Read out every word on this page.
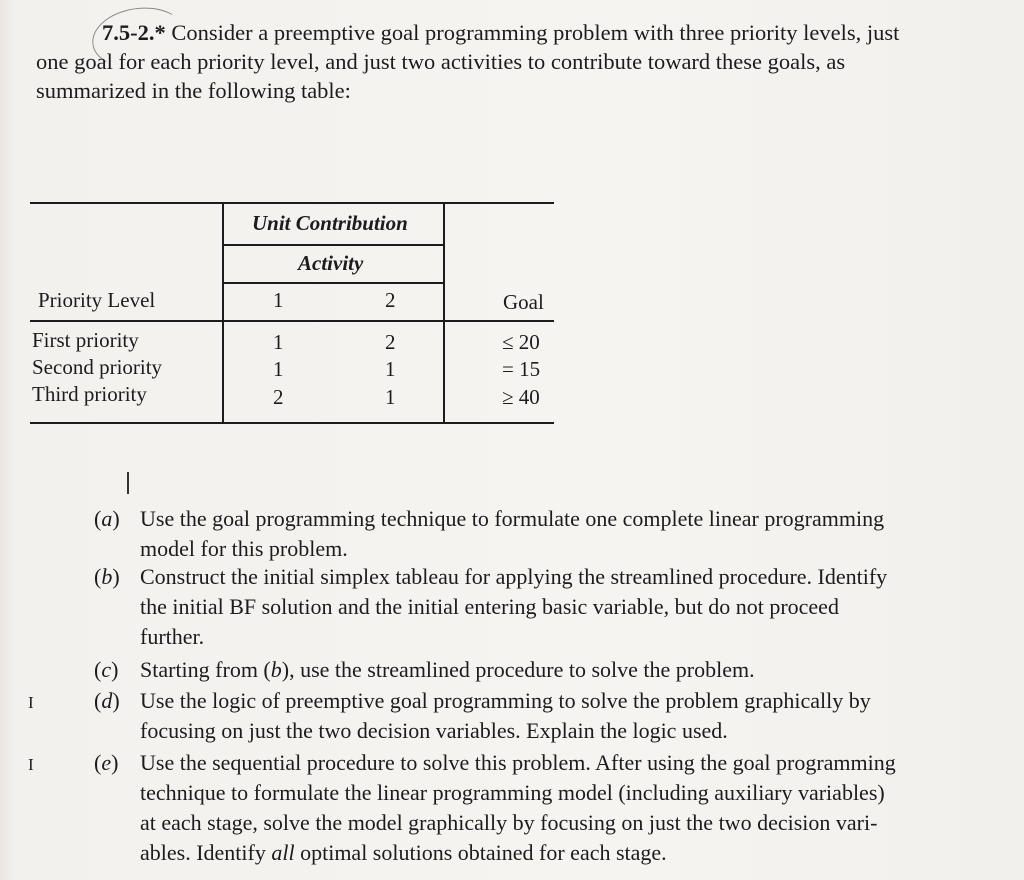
7.5-2.* Consider a preemptive goal programming problem with three priority levels, just
one goal for each priority level, and just two activities to contribute toward these goals, as
summarized in the following table:
Unit Contribution
Activity
Priority Level	1	2	Goal
First priority	1	2	≤ 20
Second priority	1	1	= 15
Third priority	2	1	≥ 40
(a) Use the goal programming technique to formulate one complete linear programming
model for this problem.
(b) Construct the initial simplex tableau for applying the streamlined procedure. Identify
the initial BF solution and the initial entering basic variable, but do not proceed
further.
(c) Starting from (b), use the streamlined procedure to solve the problem.
I	(d) Use the logic of preemptive goal programming to solve the problem graphically by
focusing on just the two decision variables. Explain the logic used.
I	(e) Use the sequential procedure to solve this problem. After using the goal programming
technique to formulate the linear programming model (including auxiliary variables)
at each stage, solve the model graphically by focusing on just the two decision vari-
ables. Identify all optimal solutions obtained for each stage.
